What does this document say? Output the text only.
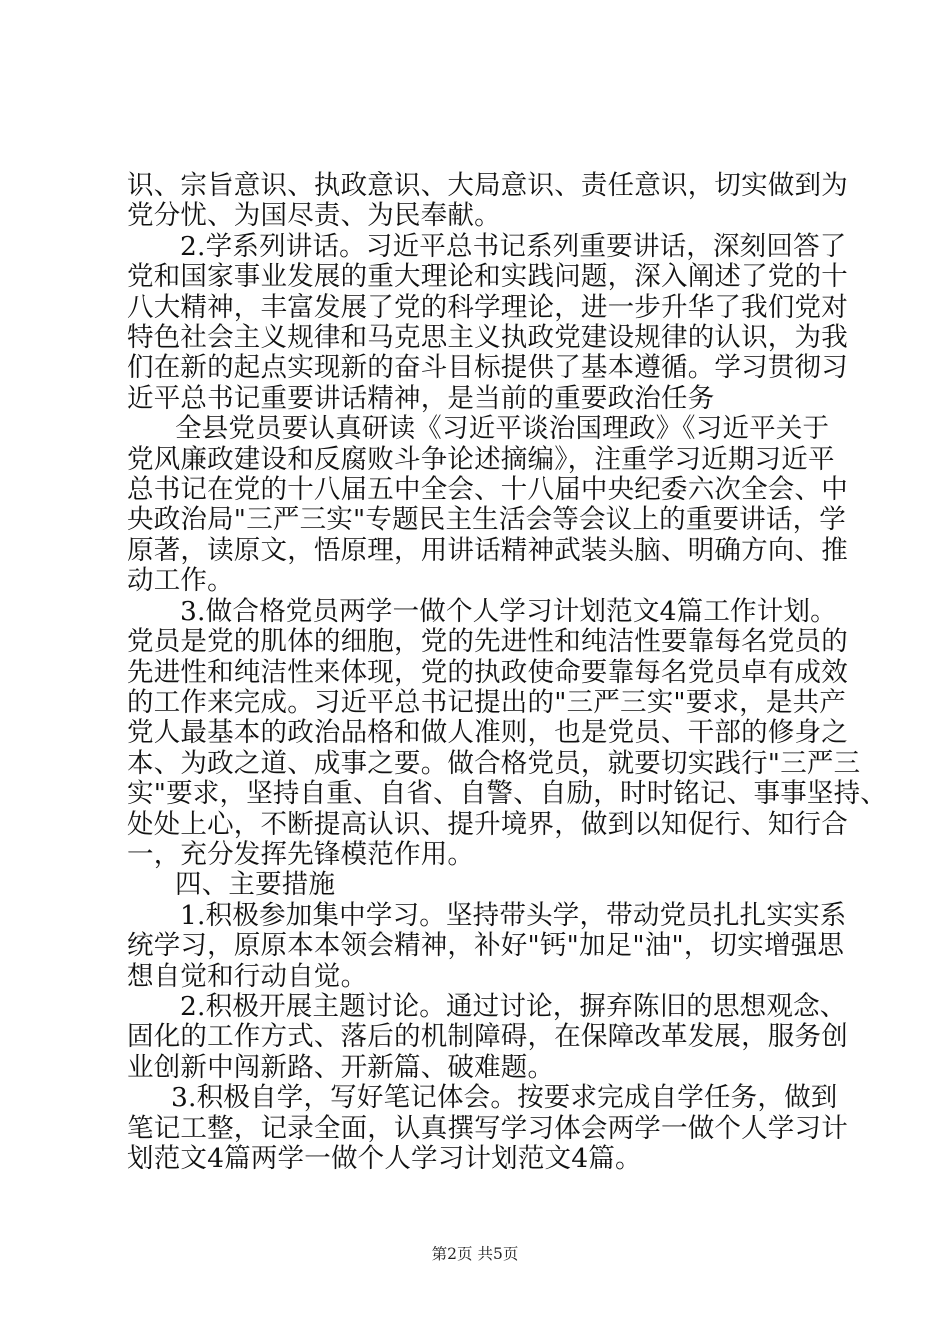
识、宗旨意识、执政意识、大局意识、责任意识，切实做到为
党分忧、为国尽责、为民奉献。
2.学系列讲话。习近平总书记系列重要讲话，深刻回答了
党和国家事业发展的重大理论和实践问题，深入阐述了党的十
八大精神，丰富发展了党的科学理论，进一步升华了我们党对
特色社会主义规律和马克思主义执政党建设规律的认识，为我
们在新的起点实现新的奋斗目标提供了基本遵循。学习贯彻习
近平总书记重要讲话精神，是当前的重要政治任务
全县党员要认真研读《习近平谈治国理政》《习近平关于
党风廉政建设和反腐败斗争论述摘编》，注重学习近期习近平
总书记在党的十八届五中全会、十八届中央纪委六次全会、中
央政治局"三严三实"专题民主生活会等会议上的重要讲话，学
原著，读原文，悟原理，用讲话精神武装头脑、明确方向、推
动工作。
3.做合格党员两学一做个人学习计划范文4篇工作计划。
党员是党的肌体的细胞，党的先进性和纯洁性要靠每名党员的
先进性和纯洁性来体现，党的执政使命要靠每名党员卓有成效
的工作来完成。习近平总书记提出的"三严三实"要求，是共产
党人最基本的政治品格和做人准则，也是党员、干部的修身之
本、为政之道、成事之要。做合格党员，就要切实践行"三严三
实"要求，坚持自重、自省、自警、自励，时时铭记、事事坚持、
处处上心，不断提高认识、提升境界，做到以知促行、知行合
一，充分发挥先锋模范作用。
四、主要措施
1.积极参加集中学习。坚持带头学，带动党员扎扎实实系
统学习，原原本本领会精神，补好"钙"加足"油"，切实增强思
想自觉和行动自觉。
2.积极开展主题讨论。通过讨论，摒弃陈旧的思想观念、
固化的工作方式、落后的机制障碍，在保障改革发展，服务创
业创新中闯新路、开新篇、破难题。
3.积极自学，写好笔记体会。按要求完成自学任务，做到
笔记工整，记录全面，认真撰写学习体会两学一做个人学习计
划范文4篇两学一做个人学习计划范文4篇。
第2页 共5页
